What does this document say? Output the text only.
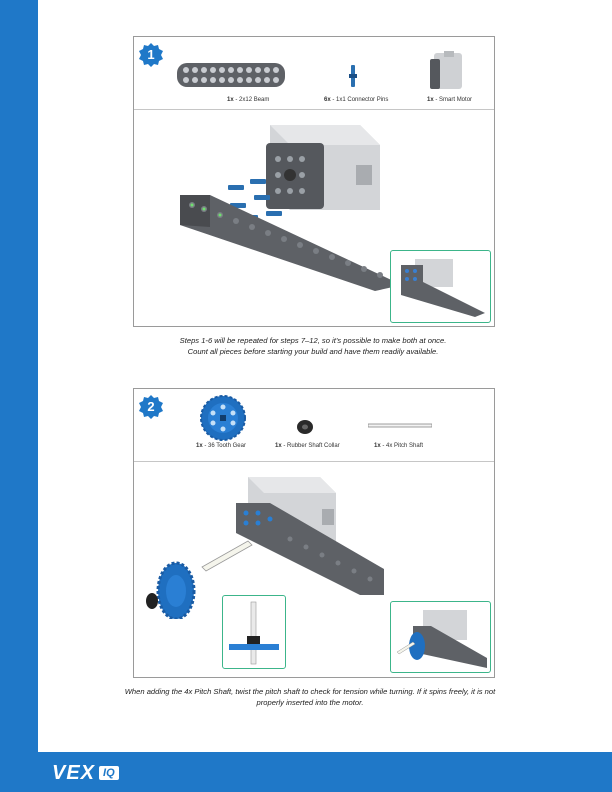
VEX IQ
1
1x - 2x12 Beam	6x - 1x1 Connector Pins	1x - Smart Motor
Steps 1-6 will be repeated for steps 7–12, so it’s possible to make both at once.
Count all pieces before starting your build and have them readily available.
2
1x - 36 Tooth Gear	1x - Rubber Shaft Collar	1x - 4x Pitch Shaft
When adding the 4x Pitch Shaft, twist the pitch shaft to check for tension while turning. If it spins freely, it is not
properly inserted into the motor.
